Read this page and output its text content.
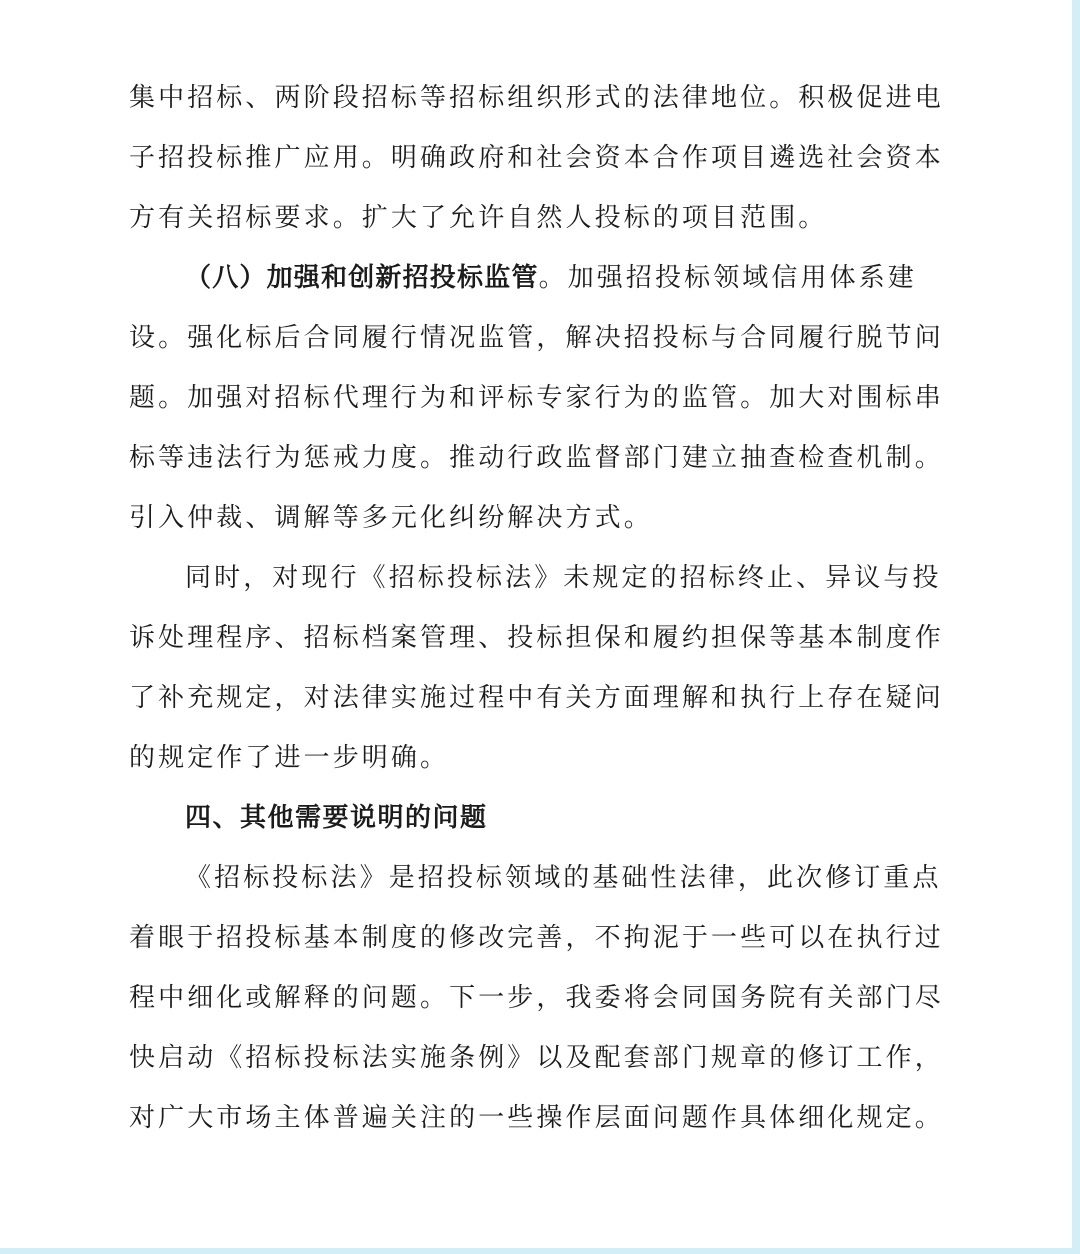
集中招标、两阶段招标等招标组织形式的法律地位。积极促进电
子招投标推广应用。明确政府和社会资本合作项目遴选社会资本
方有关招标要求。扩大了允许自然人投标的项目范围。
（八）加强和创新招投标监管。加强招投标领域信用体系建
设。强化标后合同履行情况监管，解决招投标与合同履行脱节问
题。加强对招标代理行为和评标专家行为的监管。加大对围标串
标等违法行为惩戒力度。推动行政监督部门建立抽查检查机制。
引入仲裁、调解等多元化纠纷解决方式。
同时，对现行《招标投标法》未规定的招标终止、异议与投
诉处理程序、招标档案管理、投标担保和履约担保等基本制度作
了补充规定，对法律实施过程中有关方面理解和执行上存在疑问
的规定作了进一步明确。
四、其他需要说明的问题
《招标投标法》是招投标领域的基础性法律，此次修订重点
着眼于招投标基本制度的修改完善，不拘泥于一些可以在执行过
程中细化或解释的问题。下一步，我委将会同国务院有关部门尽
快启动《招标投标法实施条例》以及配套部门规章的修订工作，
对广大市场主体普遍关注的一些操作层面问题作具体细化规定。
